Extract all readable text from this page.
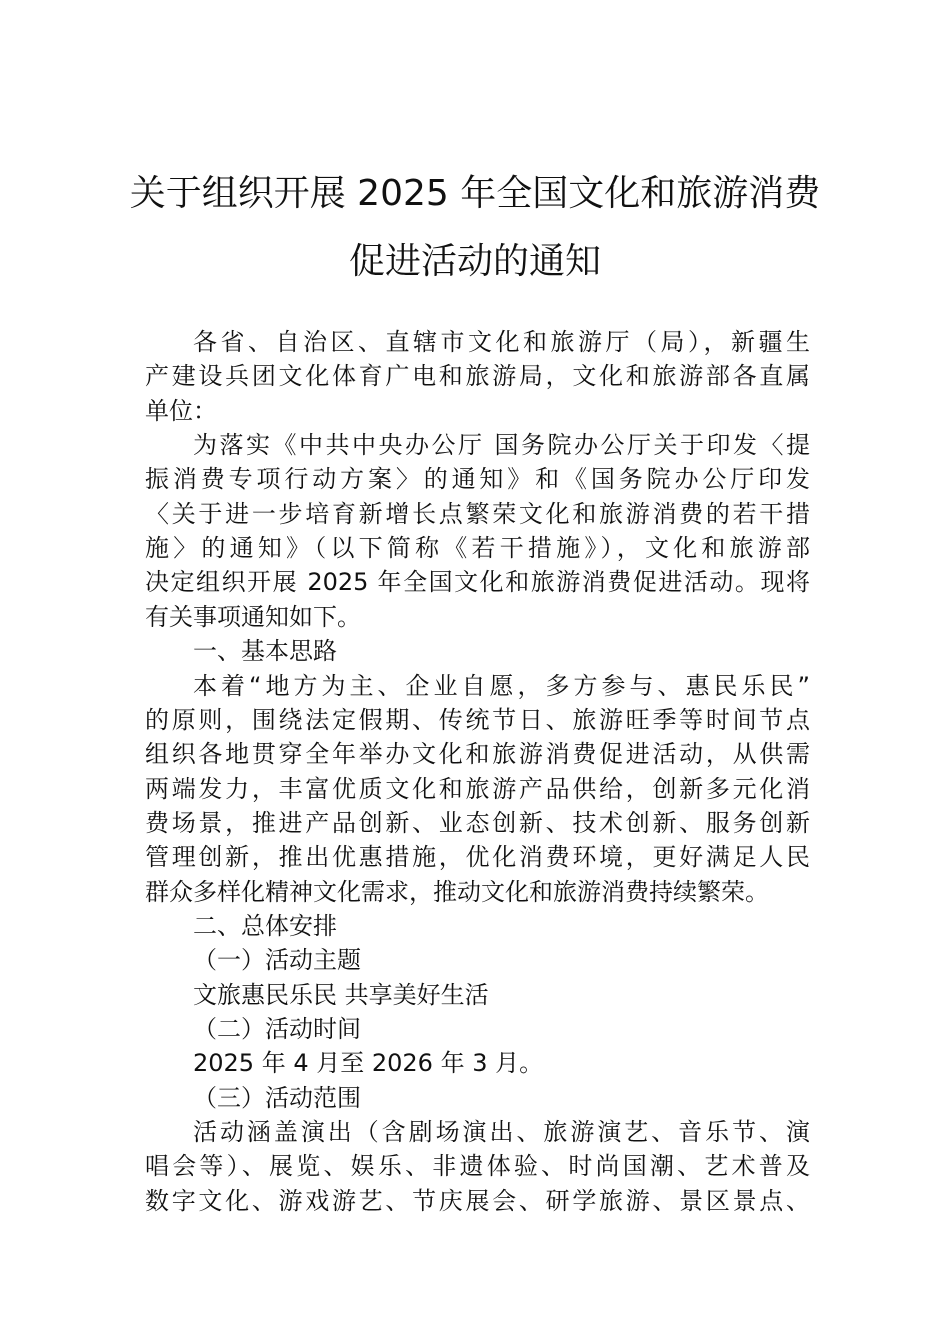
关于组织开展 2025 年全国文化和旅游消费
促进活动的通知
各省、自治区、直辖市文化和旅游厅（局），新疆生
产建设兵团文化体育广电和旅游局，文化和旅游部各直属
单位：
为落实《中共中央办公厅 国务院办公厅关于印发〈提
振消费专项行动方案〉的通知》和《国务院办公厅印发
〈关于进一步培育新增长点繁荣文化和旅游消费的若干措
施〉的通知》（以下简称《若干措施》），文化和旅游部
决定组织开展 2025 年全国文化和旅游消费促进活动。现将
有关事项通知如下。
一、基本思路
本着“地方为主、企业自愿，多方参与、惠民乐民”
的原则，围绕法定假期、传统节日、旅游旺季等时间节点
组织各地贯穿全年举办文化和旅游消费促进活动，从供需
两端发力，丰富优质文化和旅游产品供给，创新多元化消
费场景，推进产品创新、业态创新、技术创新、服务创新
管理创新，推出优惠措施，优化消费环境，更好满足人民
群众多样化精神文化需求，推动文化和旅游消费持续繁荣。
二、总体安排
（一）活动主题
文旅惠民乐民 共享美好生活
（二）活动时间
2025 年 4 月至 2026 年 3 月。
（三）活动范围
活动涵盖演出（含剧场演出、旅游演艺、音乐节、演
唱会等）、展览、娱乐、非遗体验、时尚国潮、艺术普及
数字文化、游戏游艺、节庆展会、研学旅游、景区景点、
